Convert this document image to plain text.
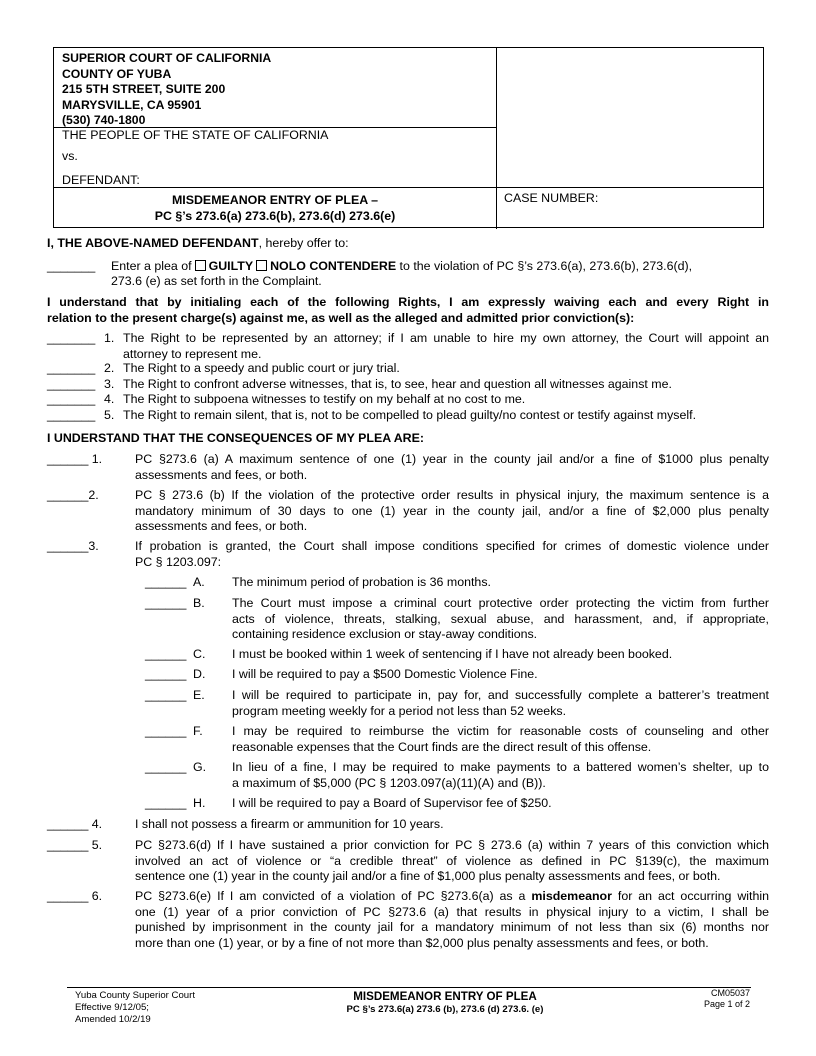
SUPERIOR COURT OF CALIFORNIA
COUNTY OF YUBA
215 5TH STREET, SUITE 200
MARYSVILLE, CA 95901
(530) 740-1800
THE PEOPLE OF THE STATE OF CALIFORNIA
vs.
DEFENDANT:
MISDEMEANOR ENTRY OF PLEA –
PC §’s 273.6(a) 273.6(b), 273.6(d) 273.6(e)
CASE NUMBER:
I, THE ABOVE-NAMED DEFENDANT, hereby offer to:
_______ Enter a plea of GUILTY NOLO CONTENDERE to the violation of PC §’s 273.6(a), 273.6(b), 273.6(d),
273.6 (e) as set forth in the Complaint.
I understand that by initialing each of the following Rights, I am expressly waiving each and every Right in
relation to the present charge(s) against me, as well as the alleged and admitted prior conviction(s):
_______ 1. The Right to be represented by an attorney; if I am unable to hire my own attorney, the Court will appoint an
attorney to represent me.
_______ 2. The Right to a speedy and public court or jury trial.
_______ 3. The Right to confront adverse witnesses, that is, to see, hear and question all witnesses against me.
_______ 4. The Right to subpoena witnesses to testify on my behalf at no cost to me.
_______ 5. The Right to remain silent, that is, not to be compelled to plead guilty/no contest or testify against myself.
I UNDERSTAND THAT THE CONSEQUENCES OF MY PLEA ARE:
______ 1.	PC §273.6 (a) A maximum sentence of one (1) year in the county jail and/or a fine of $1000 plus penalty
assessments and fees, or both.
______2.	PC § 273.6 (b) If the violation of the protective order results in physical injury, the maximum sentence is a
mandatory minimum of 30 days to one (1) year in the county jail, and/or a fine of $2,000 plus penalty
assessments and fees, or both.
______3.	If probation is granted, the Court shall impose conditions specified for crimes of domestic violence under
PC § 1203.097:
______ A. The minimum period of probation is 36 months.
______ B. The Court must impose a criminal court protective order protecting the victim from further
acts of violence, threats, stalking, sexual abuse, and harassment, and, if appropriate,
containing residence exclusion or stay-away conditions.
______ C. I must be booked within 1 week of sentencing if I have not already been booked.
______ D. I will be required to pay a $500 Domestic Violence Fine.
______ E. I will be required to participate in, pay for, and successfully complete a batterer’s treatment
program meeting weekly for a period not less than 52 weeks.
______ F. I may be required to reimburse the victim for reasonable costs of counseling and other
reasonable expenses that the Court finds are the direct result of this offense.
______ G. In lieu of a fine, I may be required to make payments to a battered women’s shelter, up to
a maximum of $5,000 (PC § 1203.097(a)(11)(A) and (B)).
______ H. I will be required to pay a Board of Supervisor fee of $250.
______ 4.	I shall not possess a firearm or ammunition for 10 years.
______ 5.	PC §273.6(d) If I have sustained a prior conviction for PC § 273.6 (a) within 7 years of this conviction which
involved an act of violence or “a credible threat” of violence as defined in PC §139(c), the maximum
sentence one (1) year in the county jail and/or a fine of $1,000 plus penalty assessments and fees, or both.
______ 6.	PC §273.6(e) If I am convicted of a violation of PC §273.6(a) as a misdemeanor for an act occurring within
one (1) year of a prior conviction of PC §273.6 (a) that results in physical injury to a victim, I shall be
punished by imprisonment in the county jail for a mandatory minimum of not less than six (6) months nor
more than one (1) year, or by a fine of not more than $2,000 plus penalty assessments and fees, or both.
Yuba County Superior Court
Effective 9/12/05;
Amended 10/2/19
MISDEMEANOR ENTRY OF PLEA
PC §’s 273.6(a) 273.6 (b), 273.6 (d) 273.6. (e)
CM05037
Page 1 of 2
